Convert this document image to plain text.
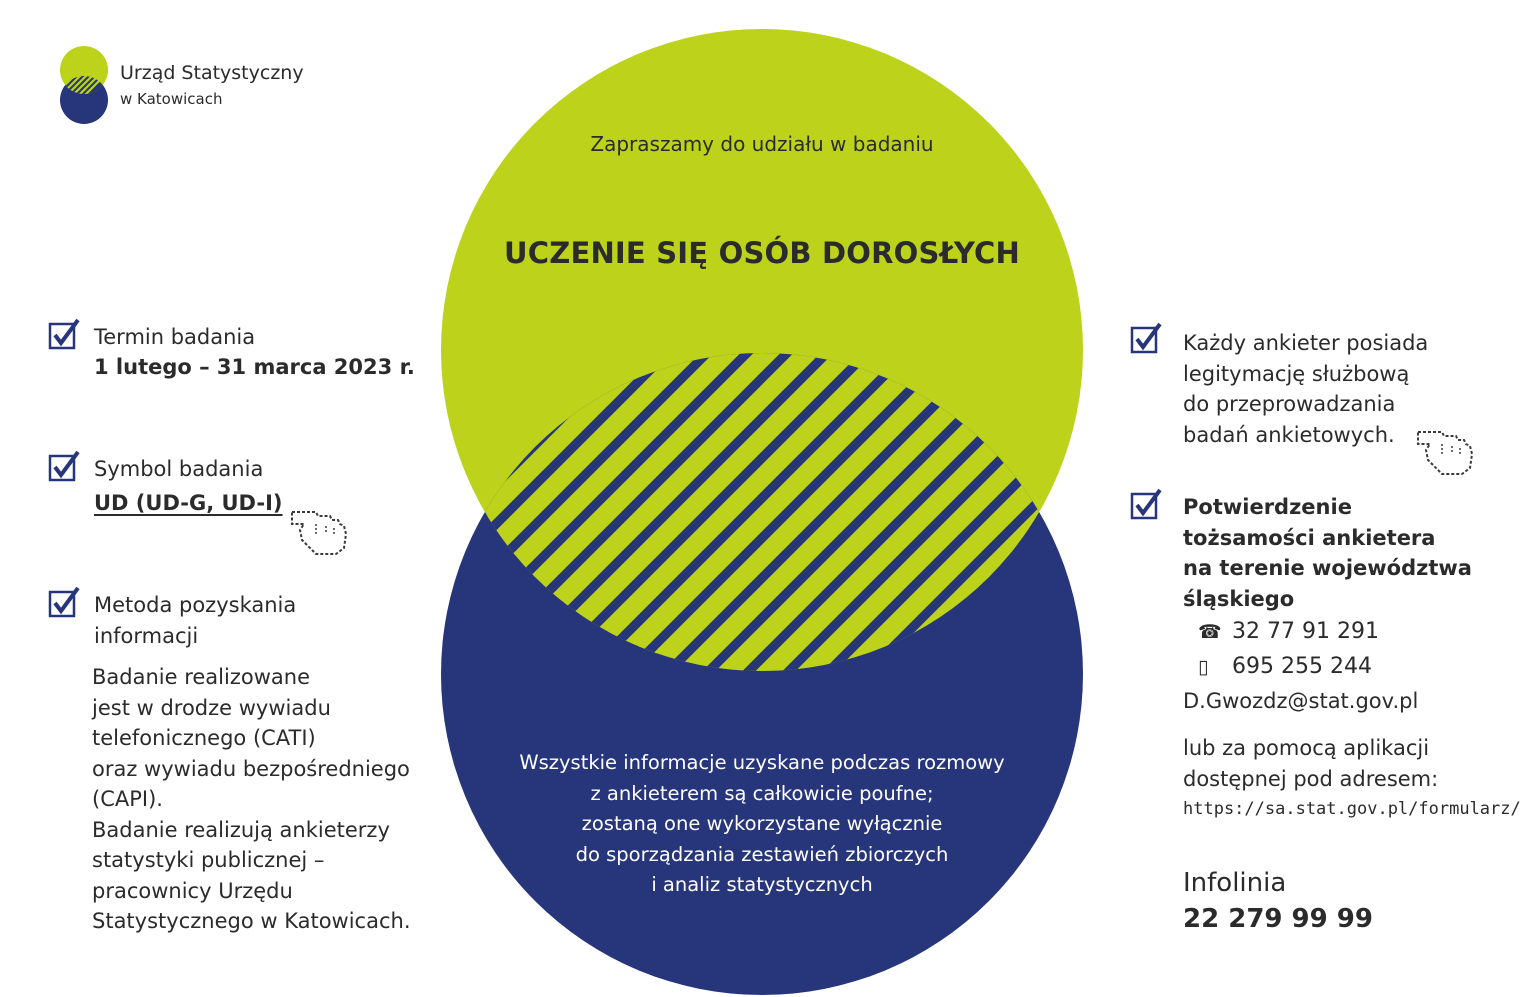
Urząd Statystyczny
w Katowicach
Zapraszamy do udziału w badaniu
UCZENIE SIĘ OSÓB DOROSŁYCH
Wszystkie informacje uzyskane podczas rozmowy
z ankieterem są całkowicie poufne;
zostaną one wykorzystane wyłącznie
do sporządzania zestawień zbiorczych
i analiz statystycznych
Termin badania
1 lutego – 31 marca 2023 r.
Symbol badania
UD (UD-G, UD-I)
Metoda pozyskania
informacji
Badanie realizowane
jest w drodze wywiadu
telefonicznego (CATI)
oraz wywiadu bezpośredniego
(CAPI).
Badanie realizują ankieterzy
statystyki publicznej –
pracownicy Urzędu
Statystycznego w Katowicach.
Każdy ankieter posiada
legitymację służbową
do przeprowadzania
badań ankietowych.
Potwierdzenie
tożsamości ankietera
na terenie województwa
śląskiego
☎ 32 77 91 291
▯ 695 255 244
D.Gwozdz@stat.gov.pl
lub za pomocą aplikacji
dostępnej pod adresem:
https://sa.stat.gov.pl/formularz/
Infolinia
22 279 99 99
